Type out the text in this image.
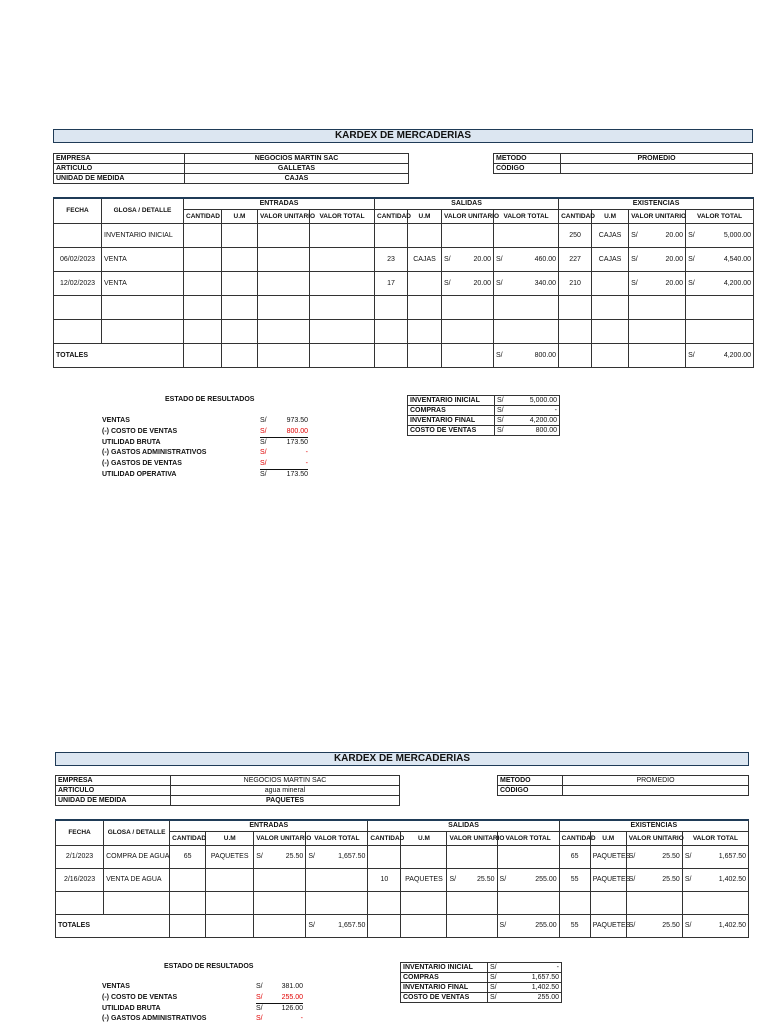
KARDEX DE MERCADERIAS
EMPRESA	NEGOCIOS MARTIN SAC
ARTICULO	GALLETAS
UNIDAD DE MEDIDA	CAJAS
METODO	PROMEDIO
CÓDIGO	
FECHA	GLOSA / DETALLE	ENTRADAS				SALIDAS				EXISTENCIAS			
		CANTIDAD	U.M	VALOR UNITARIO	VALOR TOTAL	CANTIDAD	U.M	VALOR UNITARIO	VALOR TOTAL	CANTIDAD	U.M	VALOR UNITARIO	VALOR TOTAL
	INVENTARIO INICIAL									250	CAJAS	S/ 20.00	S/ 5,000.00

06/02/2023	VENTA					23	CAJAS	S/ 20.00	S/ 460.00	227	CAJAS	S/ 20.00	S/ 4,540.00

12/02/2023	VENTA					17		S/ 20.00	S/ 340.00	210		S/ 20.00	S/ 4,200.00

TOTALES									S/ 800.00				S/ 4,200.00
ESTADO DE RESULTADOS
VENTAS	S/	973.50
(-) COSTO DE VENTAS	S/	800.00
UTILIDAD BRUTA	S/	173.50
(-) GASTOS ADMINISTRATIVOS	S/	-
(-) GASTOS DE VENTAS	S/	-
UTILIDAD OPERATIVA	S/	173.50
INVENTARIO INICIAL	S/ 5,000.00

COMPRAS	S/ -

INVENTARIO FINAL	S/ 4,200.00

COSTO DE VENTAS	S/ 800.00
KARDEX DE MERCADERIAS
EMPRESA	NEGOCIOS MARTIN SAC
ARTICULO	agua mineral
UNIDAD DE MEDIDA	PAQUETES
METODO	PROMEDIO
CÓDIGO	
FECHA	GLOSA / DETALLE	ENTRADAS				SALIDAS				EXISTENCIAS			
		CANTIDAD	U.M	VALOR UNITARIO	VALOR TOTAL	CANTIDAD	U.M	VALOR UNITARIO	VALOR TOTAL	CANTIDAD	U.M	VALOR UNITARIO	VALOR TOTAL
2/1/2023	COMPRA DE AGUA	65	PAQUETES	S/ 25.50	S/ 1,657.50					65	PAQUETES	S/ 25.50	S/ 1,657.50

2/16/2023	VENTA DE AGUA					10	PAQUETES	S/ 25.50	S/ 255.00	55	PAQUETES	S/ 25.50	S/ 1,402.50

TOTALES					S/ 1,657.50				S/ 255.00	55	PAQUETES	S/ 25.50	S/ 1,402.50
ESTADO DE RESULTADOS
VENTAS	S/	381.00
(-) COSTO DE VENTAS	S/	255.00
UTILIDAD BRUTA	S/	126.00
(-) GASTOS ADMINISTRATIVOS	S/	-
INVENTARIO INICIAL	S/ -

COMPRAS	S/ 1,657.50

INVENTARIO FINAL	S/ 1,402.50

COSTO DE VENTAS	S/ 255.00
